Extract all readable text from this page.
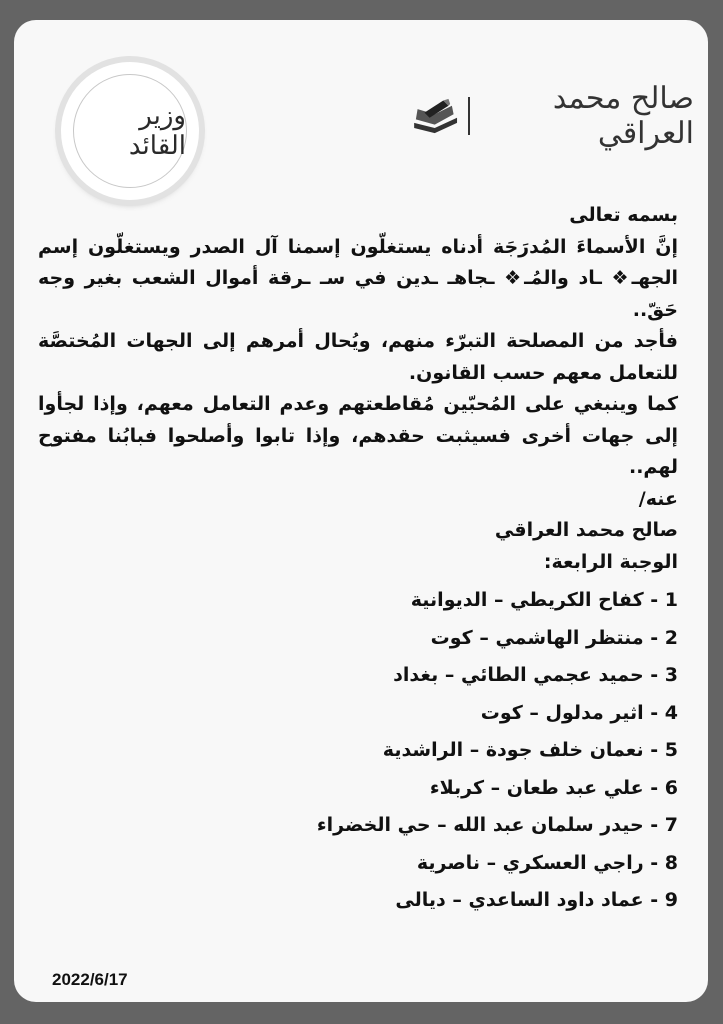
وزير القائد
صالح محمد العراقي

بسمه تعالى

إنَّ الأسماءَ المُدرَجَة أدناه يستغلّون إسمنا آل الصدر ويستغلّون إسم الجهـ❖ ـاد والمُـ❖ ـجاهـ ـدين في سـ ـرقة أموال الشعب بغير وجه حَقّ..

فأجد من المصلحة التبرّء منهم، ويُحال أمرهم إلى الجهات المُختصَّة للتعامل معهم حسب القانون.

كما وينبغي على المُحبّين مُقاطعتهم وعدم التعامل معهم، وإذا لجأوا إلى جهات أخرى فسيثبت حقدهم، وإذا تابوا وأصلحوا فبابُنا مفتوح لهم..

عنه/

صالح محمد العراقي

الوجبة الرابعة:

1 - كفاح الكريطي – الديوانية
2 - منتظر الهاشمي – كوت
3 - حميد عجمي الطائي – بغداد
4 - اثير مدلول – كوت
5 - نعمان خلف جودة – الراشدية
6 - علي عبد طعان – كربلاء
7 - حيدر سلمان عبد الله – حي الخضراء
8 - راجي العسكري – ناصرية
9 - عماد داود الساعدي – ديالى
2022/6/17
